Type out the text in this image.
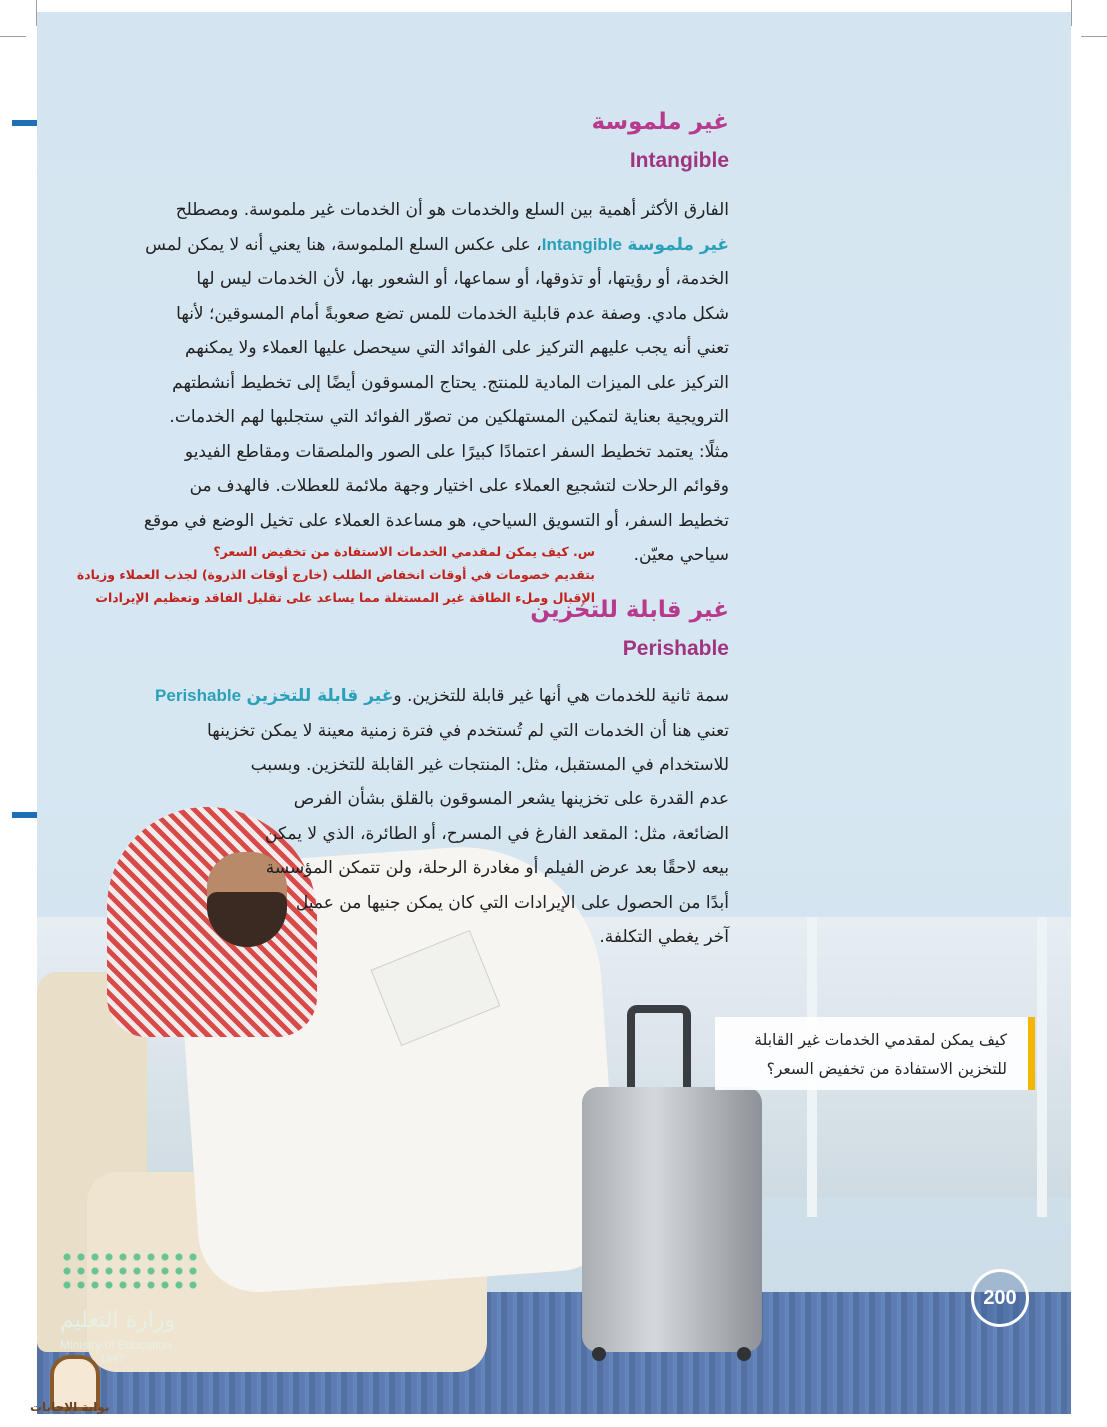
غير ملموسة
Intangible
الفارق الأكثر أهمية بين السلع والخدمات هو أن الخدمات غير ملموسة. ومصطلح
غير ملموسة Intangible، على عكس السلع الملموسة، هنا يعني أنه لا يمكن لمس
الخدمة، أو رؤيتها، أو تذوقها، أو سماعها، أو الشعور بها، لأن الخدمات ليس لها
شكل مادي. وصفة عدم قابلية الخدمات للمس تضع صعوبةً أمام المسوقين؛ لأنها
تعني أنه يجب عليهم التركيز على الفوائد التي سيحصل عليها العملاء ولا يمكنهم
التركيز على الميزات المادية للمنتج. يحتاج المسوقون أيضًا إلى تخطيط أنشطتهم
الترويجية بعناية لتمكين المستهلكين من تصوّر الفوائد التي ستجلبها لهم الخدمات.
مثلًا: يعتمد تخطيط السفر اعتمادًا كبيرًا على الصور والملصقات ومقاطع الفيديو
وقوائم الرحلات لتشجيع العملاء على اختيار وجهة ملائمة للعطلات. فالهدف من
تخطيط السفر، أو التسويق السياحي، هو مساعدة العملاء على تخيل الوضع في موقع
سياحي معيّن.
س. كيف يمكن لمقدمي الخدمات الاستفادة من تخفيض السعر؟
بتقديم خصومات في أوقات انخفاض الطلب (خارج أوقات الذروة) لجذب العملاء وزيادة
الإقبال وملء الطاقة غير المستغلة مما يساعد على تقليل الفاقد وتعظيم الإيرادات
غير قابلة للتخزين
Perishable
سمة ثانية للخدمات هي أنها غير قابلة للتخزين. وغير قابلة للتخزين Perishable
تعني هنا أن الخدمات التي لم تُستخدم في فترة زمنية معينة لا يمكن تخزينها
للاستخدام في المستقبل، مثل: المنتجات غير القابلة للتخزين. وبسبب
عدم القدرة على تخزينها يشعر المسوقون بالقلق بشأن الفرص
الضائعة، مثل: المقعد الفارغ في المسرح، أو الطائرة، الذي لا يمكن
بيعه لاحقًا بعد عرض الفيلم أو مغادرة الرحلة، ولن تتمكن المؤسسة
أبدًا من الحصول على الإيرادات التي كان يمكن جنيها من عميل
آخر يغطي التكلفة.
كيف يمكن لمقدمي الخدمات غير القابلة
للتخزين الاستفادة من تخفيض السعر؟
200
وزارة التعليم
Ministry of Education
1447
بوابة الإجابات
